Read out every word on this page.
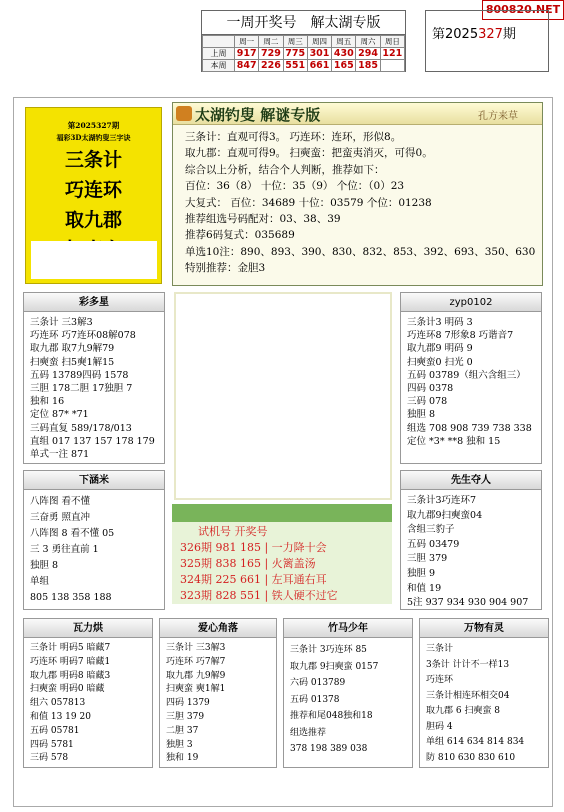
800820.NET
一周开奖号　解太湖专版
	周一	周二	周三	周四	周五	周六	周日
上周	917	729	775	301	430	294	121
本周	847	226	551	661	165	185	
第2025327期
第2025327期
福彩3D太湖钓叟三字诀
三条计
巧连环
取九郡
太湖钓叟 解谜专版	孔方来草
三条计：直观可得3。 巧连环：连环，形似8。
取九郡：直观可得9。 扫奭蛮：把蛮夷消灭，可得0。
综合以上分析，结合个人判断，推荐如下：
百位：36（8） 十位：35（9） 个位：（0）23
大复式： 百位：34689 十位：03579 个位：01238
推荐组选号码配对：03、38、39
推荐6码复式：035689
单选10注：890、893、390、830、832、853、392、693、350、630
特别推荐：金胆3
彩多星
三条计 三3解3
巧连环 巧7连环08解078
取九郡 取7九9解79
扫奭蛮 扫5奭1解15
五码 13789四码 1578
三胆 178二胆 17独胆 7
独和 16
定位 87* *71
三码直复 589/178/013
直组 017 137 157 178 179
单式一注 871
zyp0102
三条计3 明码 3
巧连环8 7形象8 巧谐音7
取九郡9 明码 9
扫奭蛮0 扫光 0
五码 03789（组六含组三）
四码 0378
三码 078
独胆 8
组选 708 908 739 738 338
定位 *3* **8 独和 15
下涵米
八阵图 看不懂
三奋勇 照直冲
八阵图 8 看不懂 05
三 3 勇往直前 1
独胆 8
单组
805 138 358 188
试机号 开奖号
326期 981 185 | 一力降十会
325期 838 165 | 火篱盖汤
324期 225 661 | 左耳通右耳
323期 828 551 | 铁人硬不过它
先生夺人
三条计3巧连环7
取九郡9扫奭蛮04
含组三豹子
五码 03479
三胆 379
独胆 9
和值 19
5注 937 934 930 904 907
瓦力烘
三条计 明码5 暗藏7
巧连环 明码7 暗藏1
取九郡 明码8 暗藏3
扫奭蛮 明码0 暗藏
组六 057813
和值 13 19 20
五码 05781
四码 5781
三码 578
爱心角落
三条计 三3解3
巧连环 巧7解7
取九郡 九9解9
扫奭蛮 奭1解1
四码 1379
三胆 379
二胆 37
独胆 3
独和 19
竹马少年
三条计 3巧连环 85
取九郡 9扫奭蛮 0157
六码 013789
五码 01378
推荐和尾048独和18
组选推荐
378 198 389 038
万物有灵
三条计
3条计 计计不一样13
巧连环
三条计相连环相交04
取九郡 6 扫奭蛮 8
胆码 4
单组 614 634 814 834
防 810 630 830 610
